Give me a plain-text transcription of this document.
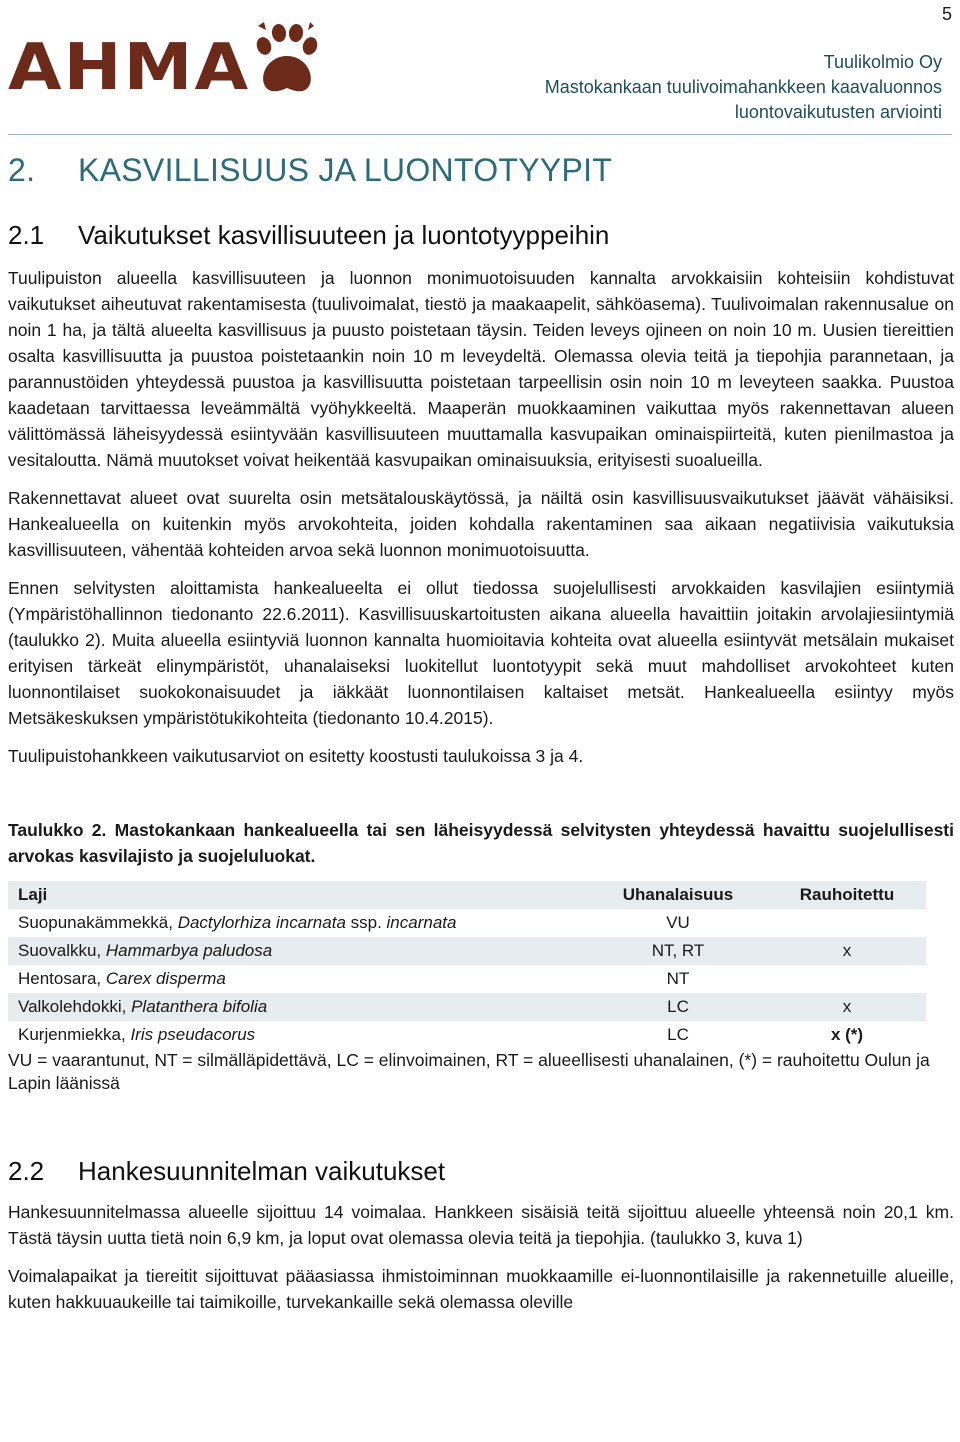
5
AHMA	Tuulikolmio Oy
Mastokankaan tuulivoimahankkeen kaavaluonnos
luontovaikutusten arviointi
2. KASVILLISUUS JA LUONTOTYYPIT
2.1 Vaikutukset kasvillisuuteen ja luontotyyppeihin

Tuulipuiston alueella kasvillisuuteen ja luonnon monimuotoisuuden kannalta arvokkaisiin kohteisiin kohdistuvat vaikutukset aiheutuvat rakentamisesta (tuulivoimalat, tiestö ja maakaapelit, sähköasema). Tuulivoimalan rakennusalue on noin 1 ha, ja tältä alueelta kasvillisuus ja puusto poistetaan täysin. Teiden leveys ojineen on noin 10 m. Uusien tiereittien osalta kasvillisuutta ja puustoa poistetaankin noin 10 m leveydeltä. Olemassa olevia teitä ja tiepohjia parannetaan, ja parannustöiden yhteydessä puustoa ja kasvillisuutta poistetaan tarpeellisin osin noin 10 m leveyteen saakka. Puustoa kaadetaan tarvittaessa leveämmältä vyöhykkeeltä. Maaperän muokkaaminen vaikuttaa myös rakennettavan alueen välittömässä läheisyydessä esiintyvään kasvillisuuteen muuttamalla kasvupaikan ominaispiirteitä, kuten pienilmastoa ja vesitaloutta. Nämä muutokset voivat heikentää kasvupaikan ominaisuuksia, erityisesti suoalueilla.

Rakennettavat alueet ovat suurelta osin metsätalouskäytössä, ja näiltä osin kasvillisuusvaikutukset jäävät vähäisiksi. Hankealueella on kuitenkin myös arvokohteita, joiden kohdalla rakentaminen saa aikaan negatiivisia vaikutuksia kasvillisuuteen, vähentää kohteiden arvoa sekä luonnon monimuotoisuutta.

Ennen selvitysten aloittamista hankealueelta ei ollut tiedossa suojelullisesti arvokkaiden kasvilajien esiintymiä (Ympäristöhallinnon tiedonanto 22.6.2011). Kasvillisuuskartoitusten aikana alueella havaittiin joitakin arvolajiesiintymiä (taulukko 2). Muita alueella esiintyviä luonnon kannalta huomioitavia kohteita ovat alueella esiintyvät metsälain mukaiset erityisen tärkeät elinympäristöt, uhanalaiseksi luokitellut luontotyypit sekä muut mahdolliset arvokohteet kuten luonnontilaiset suokokonaisuudet ja iäkkäät luonnontilaisen kaltaiset metsät. Hankealueella esiintyy myös Metsäkeskuksen ympäristötukikohteita (tiedonanto 10.4.2015).

Tuulipuistohankkeen vaikutusarviot on esitetty koostusti taulukoissa 3 ja 4.

Taulukko 2. Mastokankaan hankealueella tai sen läheisyydessä selvitysten yhteydessä havaittu suojelullisesti arvokas kasvilajisto ja suojeluluokat.
Laji	Uhanalaisuus	Rauhoitettu
Suopunakämmekkä, Dactylorhiza incarnata ssp. incarnata	VU	
Suovalkku, Hammarbya paludosa	NT, RT	x
Hentosara, Carex disperma	NT	
Valkolehdokki, Platanthera bifolia	LC	x
Kurjenmiekka, Iris pseudacorus	LC	x (*)
VU = vaarantunut, NT = silmälläpidettävä, LC = elinvoimainen, RT = alueellisesti uhanalainen, (*) = rauhoitettu Oulun ja Lapin läänissä
2.2 Hankesuunnitelman vaikutukset

Hankesuunnitelmassa alueelle sijoittuu 14 voimalaa. Hankkeen sisäisiä teitä sijoittuu alueelle yhteensä noin 20,1 km. Tästä täysin uutta tietä noin 6,9 km, ja loput ovat olemassa olevia teitä ja tiepohjia. (taulukko 3, kuva 1)

Voimalapaikat ja tiereitit sijoittuvat pääasiassa ihmistoiminnan muokkaamille ei-luonnontilaisille ja rakennetuille alueille, kuten hakkuuaukeille tai taimikoille, turvekankaille sekä olemassa oleville
